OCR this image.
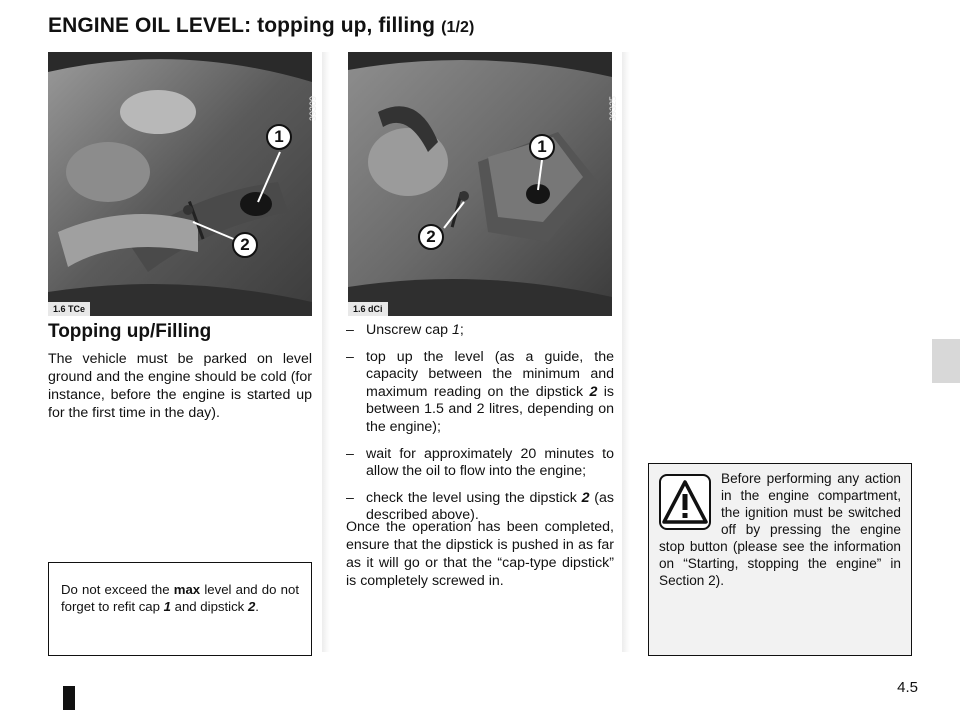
ENGINE OIL LEVEL: topping up, filling (1/2)
39309
1
2
1.6 TCe
39325
1
2
1.6 dCi
Topping up/Filling
The vehicle must be parked on level ground and the engine should be cold (for instance, before the engine is started up for the first time in the day).
– Unscrew cap 1;
– top up the level (as a guide, the capacity between the minimum and maximum reading on the dipstick 2 is between 1.5 and 2 litres, depending on the engine);
– wait for approximately 20 minutes to allow the oil to flow into the engine;
– check the level using the dipstick 2 (as described above).
Once the operation has been completed, ensure that the dipstick is pushed in as far as it will go or that the “cap-type dipstick” is completely screwed in.
Do not exceed the max level and do not forget to refit cap 1 and dipstick 2.
Before performing any action in the engine compartment, the ignition must be switched off by pressing the engine stop button (please see the information on “Starting, stopping the engine” in Section 2).
4.5
